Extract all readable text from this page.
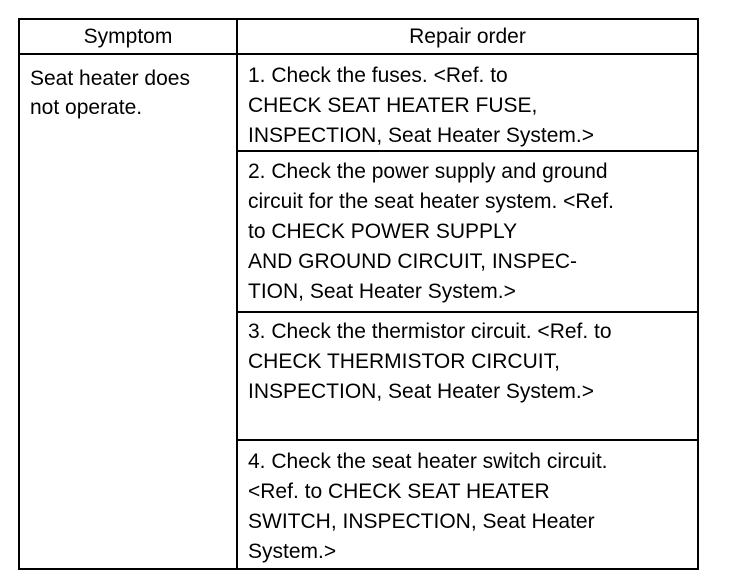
Symptom	Repair order
Seat heater does
not operate.
1. Check the fuses. <Ref. to
CHECK SEAT HEATER FUSE,
INSPECTION, Seat Heater System.>
2. Check the power supply and ground
circuit for the seat heater system. <Ref.
to CHECK POWER SUPPLY
AND GROUND CIRCUIT, INSPEC-
TION, Seat Heater System.>
3. Check the thermistor circuit. <Ref. to
CHECK THERMISTOR CIRCUIT,
INSPECTION, Seat Heater System.>
4. Check the seat heater switch circuit.
<Ref. to CHECK SEAT HEATER
SWITCH, INSPECTION, Seat Heater
System.>
